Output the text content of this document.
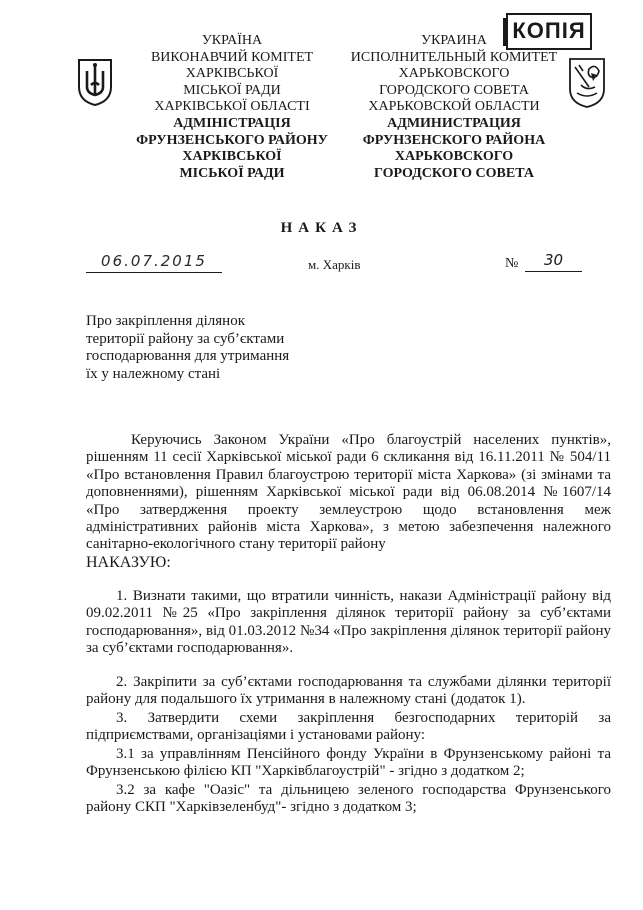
КОПІЯ
УКРАЇНА
ВИКОНАВЧИЙ КОМІТЕТ
ХАРКІВСЬКОЇ
МІСЬКОЇ РАДИ
ХАРКІВСЬКОЇ ОБЛАСТІ
АДМІНІСТРАЦІЯ
ФРУНЗЕНСЬКОГО РАЙОНУ
ХАРКІВСЬКОЇ
МІСЬКОЇ РАДИ
УКРАИНА
ИСПОЛНИТЕЛЬНЫЙ КОМИТЕТ
ХАРЬКОВСКОГО
ГОРОДСКОГО СОВЕТА
ХАРЬКОВСКОЙ ОБЛАСТИ
АДМИНИСТРАЦИЯ
ФРУНЗЕНСКОГО РАЙОНА
ХАРЬКОВСКОГО
ГОРОДСКОГО СОВЕТА
НАКАЗ
06.07.2015	м. Харків	№	30
Про закріплення ділянок
території району за суб’єктами
господарювання для утримання
їх у належному стані

Керуючись Законом України «Про благоустрій населених пунктів», рішенням 11 сесії Харківської міської ради 6 скликання від 16.11.2011 № 504/11 «Про встановлення Правил благоустрою території міста Харкова» (зі змінами та доповненнями), рішенням Харківської міської ради від 06.08.2014 №1607/14 «Про затвердження проекту землеустрою щодо встановлення меж адміністративних районів міста Харкова», з метою забезпечення належного санітарно-екологічного стану території району

НАКАЗУЮ:

1. Визнати такими, що втратили чинність, накази Адміністрації району від 09.02.2011 №25 «Про закріплення ділянок території району за суб’єктами господарювання», від 01.03.2012 №34 «Про закріплення ділянок території району за суб’єктами господарювання».

2. Закріпити за суб’єктами господарювання та службами ділянки території району для подальшого їх утримання в належному стані (додаток 1).

3. Затвердити схеми закріплення безгосподарних територій за підприємствами, організаціями і установами району:

3.1 за управлінням Пенсійного фонду України в Фрунзенському районі та Фрунзенською філією КП "Харківблагоустрій" - згідно з додатком 2;

3.2 за кафе "Оазіс" та дільницею зеленого господарства Фрунзенського району СКП "Харківзеленбуд"- згідно з додатком 3;
